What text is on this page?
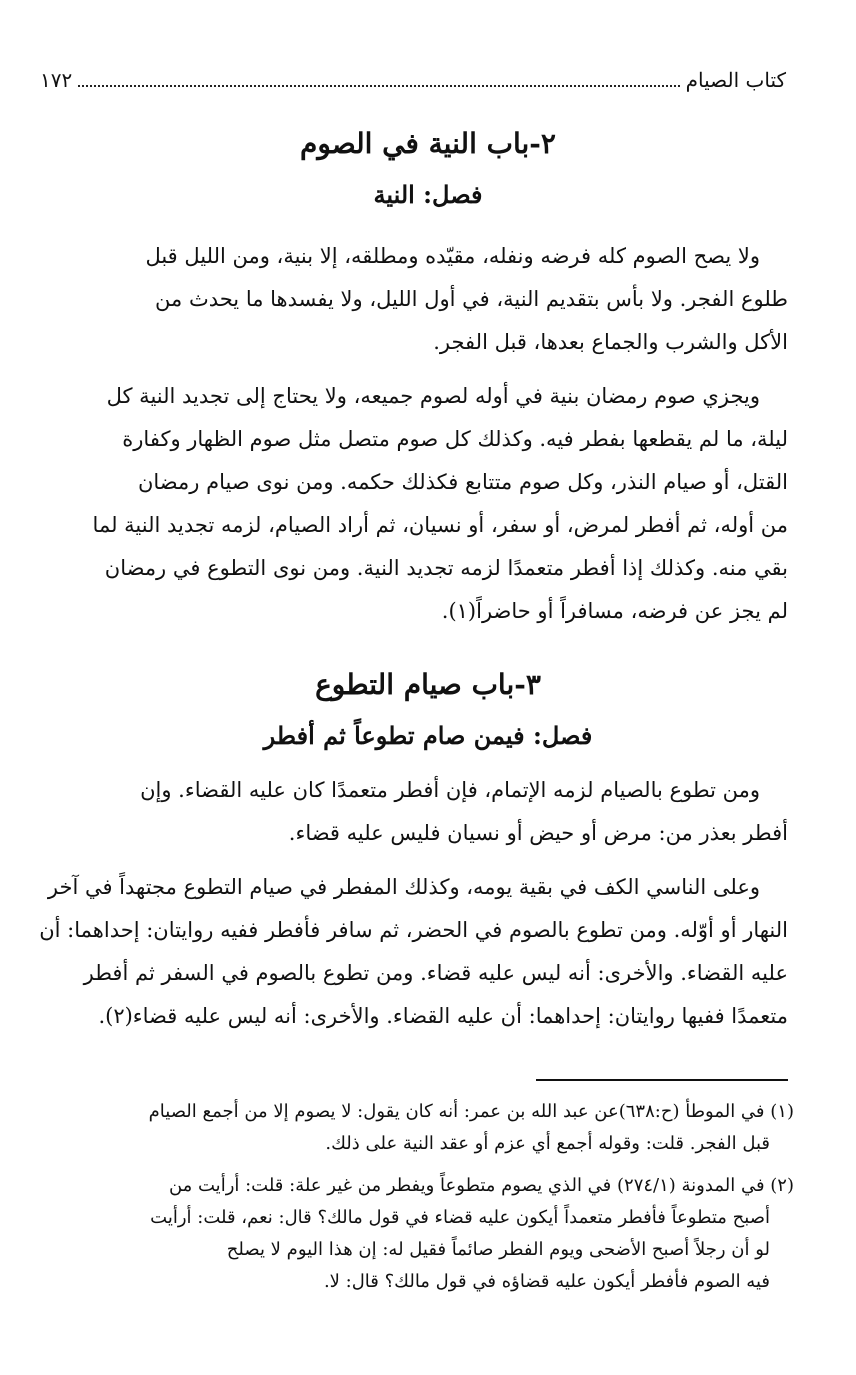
كتاب الصيام
١٧٢
٢-باب النية في الصوم
فصل: النية

ولا يصح الصوم كله فرضه ونفله، مقيّده ومطلقه، إلا بنية، ومن الليل قبل

طلوع الفجر. ولا بأس بتقديم النية، في أول الليل، ولا يفسدها ما يحدث من

الأكل والشرب والجماع بعدها، قبل الفجر.

ويجزي صوم رمضان بنية في أوله لصوم جميعه، ولا يحتاج إلى تجديد النية كل

ليلة، ما لم يقطعها بفطر فيه. وكذلك كل صوم متصل مثل صوم الظهار وكفارة

القتل، أو صيام النذر، وكل صوم متتابع فكذلك حكمه. ومن نوى صيام رمضان

من أوله، ثم أفطر لمرض، أو سفر، أو نسيان، ثم أراد الصيام، لزمه تجديد النية لما

بقي منه. وكذلك إذا أفطر متعمدًا لزمه تجديد النية. ومن نوى التطوع في رمضان

لم يجز عن فرضه، مسافراً أو حاضراً(١).

٣-باب صيام التطوع
فصل: فيمن صام تطوعاً ثم أفطر

ومن تطوع بالصيام لزمه الإتمام، فإن أفطر متعمدًا كان عليه القضاء. وإن

أفطر بعذر من: مرض أو حيض أو نسيان فليس عليه قضاء.

وعلى الناسي الكف في بقية يومه، وكذلك المفطر في صيام التطوع مجتهداً في آخر

النهار أو أوّله. ومن تطوع بالصوم في الحضر، ثم سافر فأفطر ففيه روايتان: إحداهما: أن

عليه القضاء. والأخرى: أنه ليس عليه قضاء. ومن تطوع بالصوم في السفر ثم أفطر

متعمدًا ففيها روايتان: إحداهما: أن عليه القضاء. والأخرى: أنه ليس عليه قضاء(٢).

(١) في الموطأ (ح:٦٣٨)عن عبد الله بن عمر: أنه كان يقول: لا يصوم إلا من أجمع الصيام

قبل الفجر. قلت: وقوله أجمع أي عزم أو عقد النية على ذلك.

(٢) في المدونة (٢٧٤/١) في الذي يصوم متطوعاً ويفطر من غير علة: قلت: أرأيت من

أصبح متطوعاً فأفطر متعمداً أيكون عليه قضاء في قول مالك؟ قال: نعم، قلت: أرأيت

لو أن رجلاً أصبح الأضحى ويوم الفطر صائماً فقيل له: إن هذا اليوم لا يصلح

فيه الصوم فأفطر أيكون عليه قضاؤه في قول مالك؟ قال: لا.
